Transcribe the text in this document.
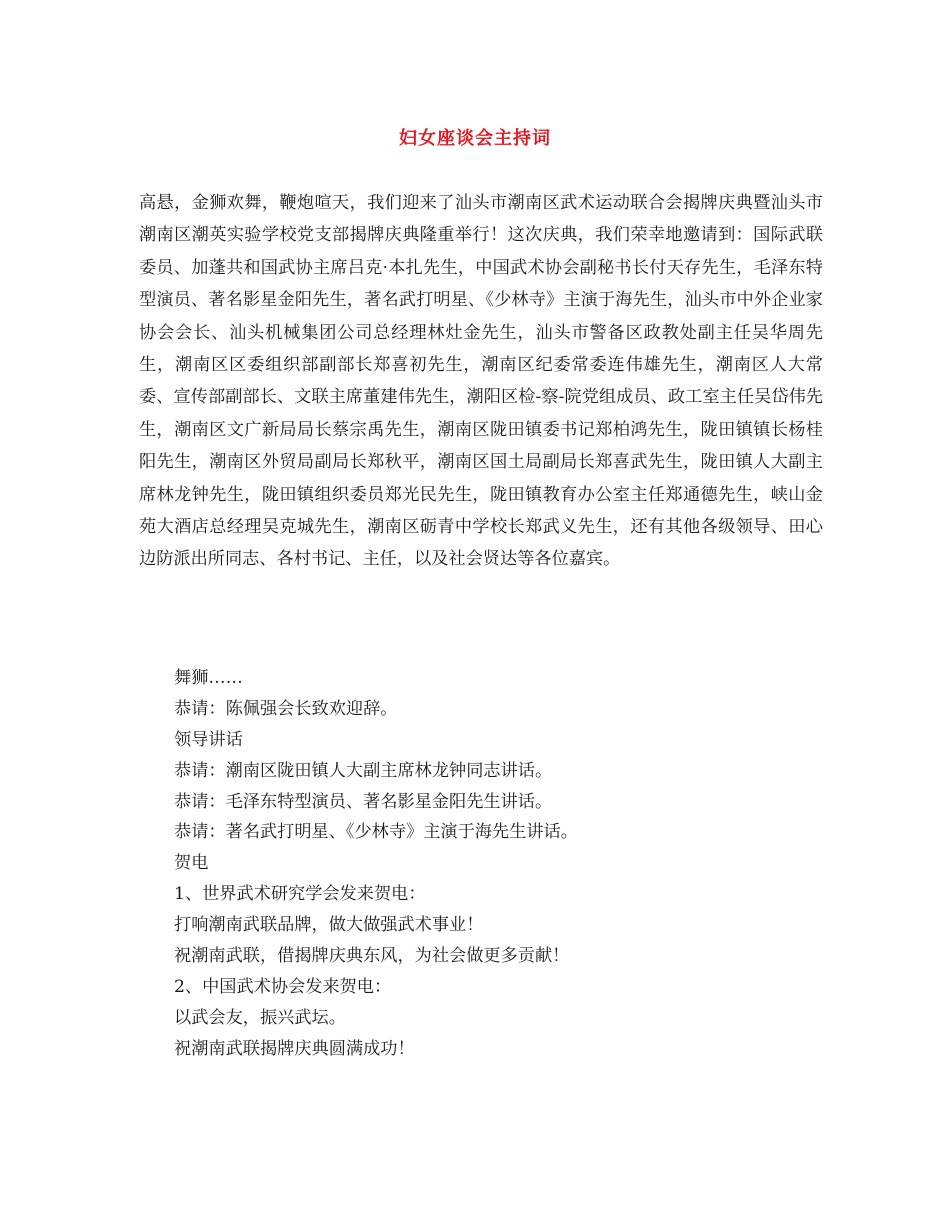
妇女座谈会主持词

高悬，金狮欢舞，鞭炮喧天，我们迎来了汕头市潮南区武术运动联合会揭牌庆典暨汕头市潮南区潮英实验学校党支部揭牌庆典隆重举行！这次庆典，我们荣幸地邀请到：国际武联委员、加蓬共和国武协主席吕克·本扎先生，中国武术协会副秘书长付天存先生，毛泽东特型演员、著名影星金阳先生，著名武打明星、《少林寺》主演于海先生，汕头市中外企业家协会会长、汕头机械集团公司总经理林灶金先生，汕头市警备区政教处副主任吴华周先生，潮南区区委组织部副部长郑喜初先生，潮南区纪委常委连伟雄先生，潮南区人大常委、宣传部副部长、文联主席董建伟先生，潮阳区检-察-院党组成员、政工室主任吴岱伟先生，潮南区文广新局局长蔡宗禹先生，潮南区陇田镇委书记郑柏鸿先生，陇田镇镇长杨桂阳先生，潮南区外贸局副局长郑秋平，潮南区国土局副局长郑喜武先生，陇田镇人大副主席林龙钟先生，陇田镇组织委员郑光民先生，陇田镇教育办公室主任郑通德先生，峡山金苑大酒店总经理吴克城先生，潮南区砺青中学校长郑武义先生，还有其他各级领导、田心边防派出所同志、各村书记、主任，以及社会贤达等各位嘉宾。

舞狮……
恭请：陈佩强会长致欢迎辞。
领导讲话
恭请：潮南区陇田镇人大副主席林龙钟同志讲话。
恭请：毛泽东特型演员、著名影星金阳先生讲话。
恭请：著名武打明星、《少林寺》主演于海先生讲话。
贺电
1、世界武术研究学会发来贺电：
打响潮南武联品牌，做大做强武术事业！
祝潮南武联，借揭牌庆典东风，为社会做更多贡献！
2、中国武术协会发来贺电：
以武会友，振兴武坛。
祝潮南武联揭牌庆典圆满成功！
